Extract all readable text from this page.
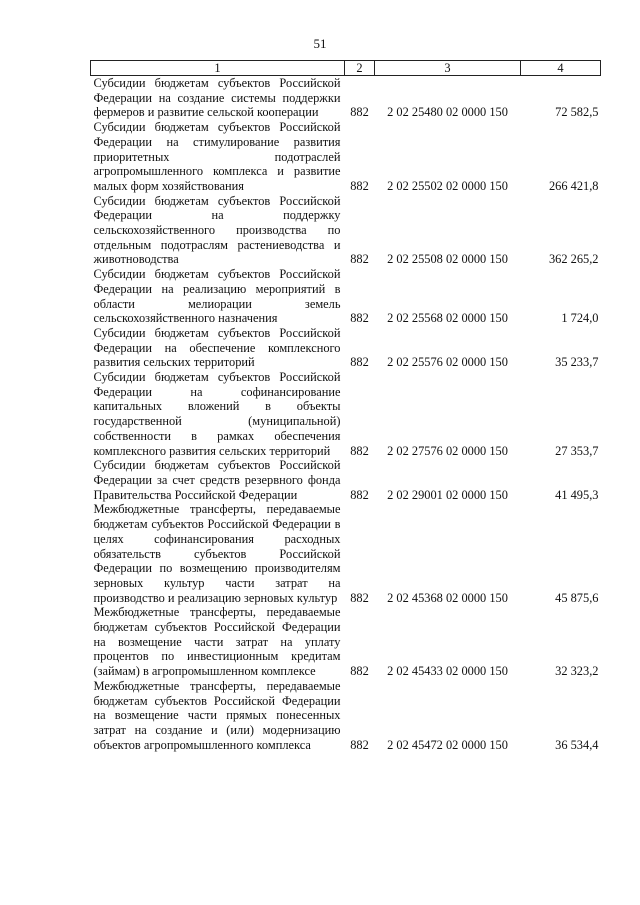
51
1	2	3	4
Субсидии бюджетам субъектов Российской Федерации на создание системы поддержки фермеров и развитие сельской кооперации	882	2 02 25480 02 0000 150	72 582,5
Субсидии бюджетам субъектов Российской Федерации на стимулирование развития приоритетных подотраслей агропромышленного комплекса и развитие малых форм хозяйствования	882	2 02 25502 02 0000 150	266 421,8
Субсидии бюджетам субъектов Российской Федерации на поддержку сельскохозяйственного производства по отдельным подотраслям растениеводства и животноводства	882	2 02 25508 02 0000 150	362 265,2
Субсидии бюджетам субъектов Российской Федерации на реализацию мероприятий в области мелиорации земель сельскохозяйственного назначения	882	2 02 25568 02 0000 150	1 724,0
Субсидии бюджетам субъектов Российской Федерации на обеспечение комплексного развития сельских территорий	882	2 02 25576 02 0000 150	35 233,7
Субсидии бюджетам субъектов Российской Федерации на софинансирование капитальных вложений в объекты государственной (муниципальной) собственности в рамках обеспечения комплексного развития сельских территорий	882	2 02 27576 02 0000 150	27 353,7
Субсидии бюджетам субъектов Российской Федерации за счет средств резервного фонда Правительства Российской Федерации	882	2 02 29001 02 0000 150	41 495,3
Межбюджетные трансферты, передаваемые бюджетам субъектов Российской Федерации в целях софинансирования расходных обязательств субъектов Российской Федерации по возмещению производителям зерновых культур части затрат на производство и реализацию зерновых культур	882	2 02 45368 02 0000 150	45 875,6
Межбюджетные трансферты, передаваемые бюджетам субъектов Российской Федерации на возмещение части затрат на уплату процентов по инвестиционным кредитам (займам) в агропромышленном комплексе	882	2 02 45433 02 0000 150	32 323,2
Межбюджетные трансферты, передаваемые бюджетам субъектов Российской Федерации на возмещение части прямых понесенных затрат на создание и (или) модернизацию объектов агропромышленного комплекса	882	2 02 45472 02 0000 150	36 534,4
